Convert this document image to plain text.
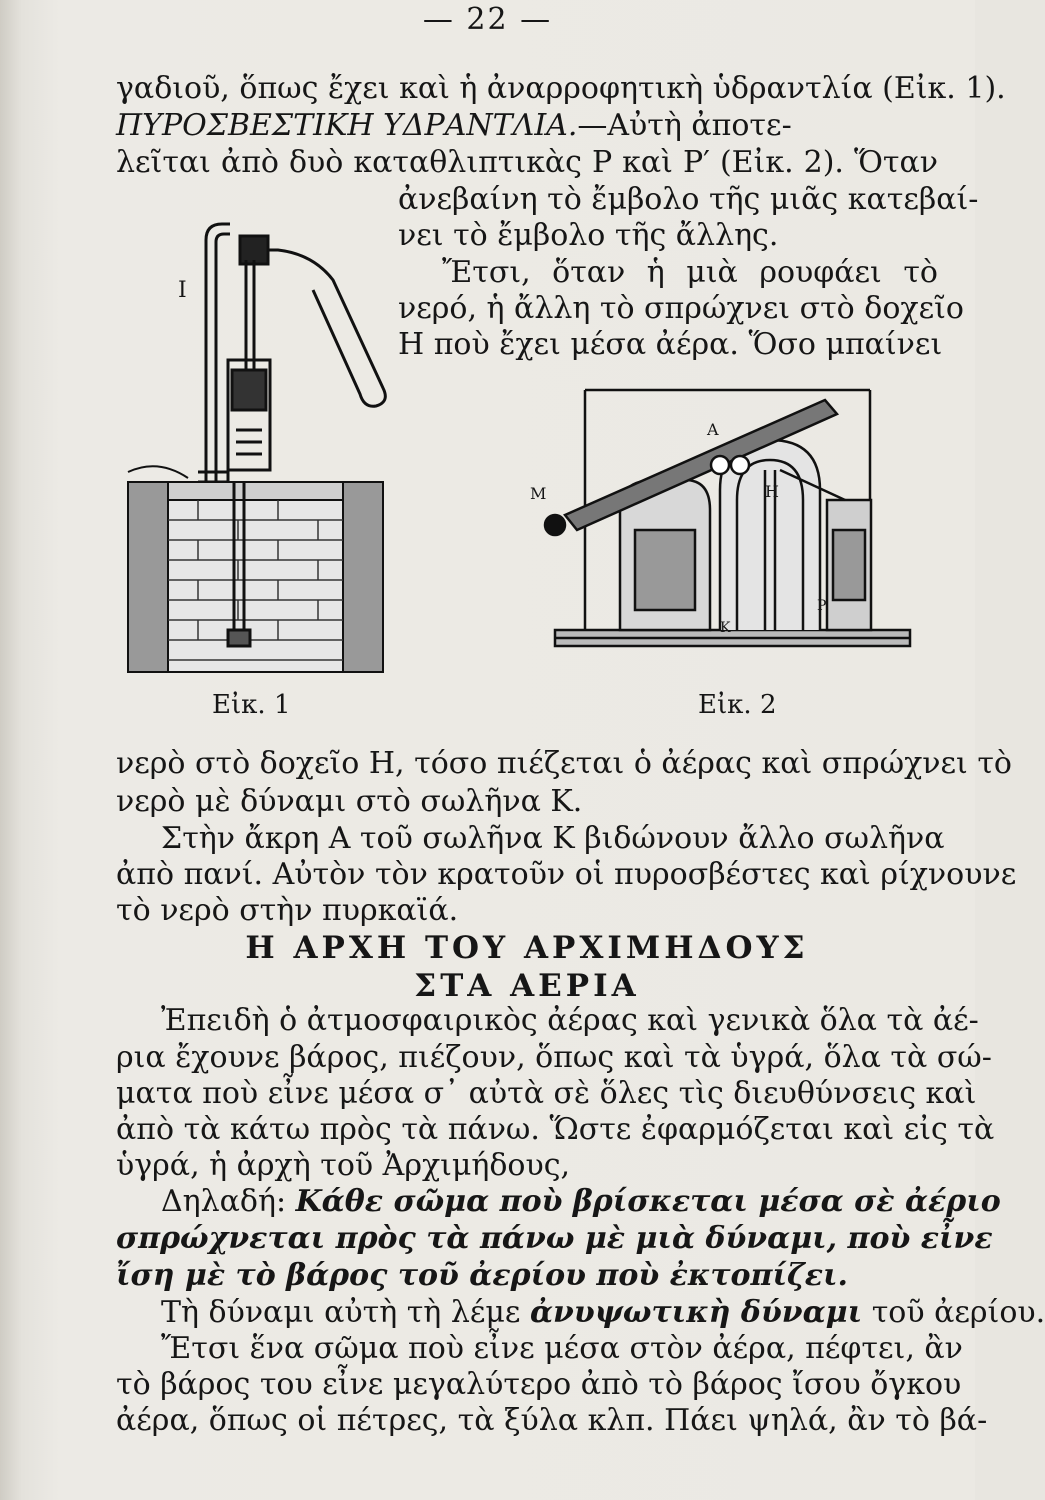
— 22 —
γαδιοῦ, ὅπως ἔχει καὶ ἡ ἀναρροφητικὴ ὑδραντλία (Εἰκ. 1).
ΠΥΡΟΣΒΕΣΤΙΚΗ ΥΔΡΑΝΤΛΙΑ.—Αὐτὴ ἀποτε-
λεῖται ἀπὸ δυὸ καταθλιπτικὰς Ρ καὶ Ρ′ (Εἰκ. 2). Ὅταν
ἀνεβαίνη τὸ ἔμβολο τῆς μιᾶς κατεβαί-
νει τὸ ἔμβολο τῆς ἄλλης.
Ἔτσι, ὅταν ἡ μιὰ ρουφάει τὸ
νερό, ἡ ἄλλη τὸ σπρώχνει στὸ δοχεῖο
Η ποὺ ἔχει μέσα ἀέρα. Ὅσο μπαίνει
Ι
Εἰκ. 1
Α
Μ	Η
Κ
Ρ
Εἰκ. 2
νερὸ στὸ δοχεῖο Η, τόσο πιέζεται ὁ ἀέρας καὶ σπρώχνει τὸ
νερὸ μὲ δύναμι στὸ σωλῆνα Κ.
Στὴν ἄκρη Α τοῦ σωλῆνα Κ βιδώνουν ἄλλο σωλῆνα
ἀπὸ πανί. Αὐτὸν τὸν κρατοῦν οἱ πυροσβέστες καὶ ρίχνουνε
τὸ νερὸ στὴν πυρκαϊά.
Η ΑΡΧΗ ΤΟΥ ΑΡΧΙΜΗΔΟΥΣ
ΣΤΑ ΑΕΡΙΑ
Ἐπειδὴ ὁ ἀτμοσφαιρικὸς ἀέρας καὶ γενικὰ ὅλα τὰ ἀέ-
ρια ἔχουνε βάρος, πιέζουν, ὅπως καὶ τὰ ὑγρά, ὅλα τὰ σώ-
ματα ποὺ εἶνε μέσα σ᾽ αὐτὰ σὲ ὅλες τὶς διευθύνσεις καὶ
ἀπὸ τὰ κάτω πρὸς τὰ πάνω. Ὥστε ἐφαρμόζεται καὶ εἰς τὰ
ὑγρά, ἡ ἀρχὴ τοῦ Ἀρχιμήδους,
Δηλαδή: Κάθε σῶμα ποὺ βρίσκεται μέσα σὲ ἀέριο
σπρώχνεται πρὸς τὰ πάνω μὲ μιὰ δύναμι, ποὺ εἶνε
ἴση μὲ τὸ βάρος τοῦ ἀερίου ποὺ ἐκτοπίζει.
Τὴ δύναμι αὐτὴ τὴ λέμε ἀνυψωτικὴ δύναμι τοῦ ἀερίου.
Ἔτσι ἕνα σῶμα ποὺ εἶνε μέσα στὸν ἀέρα, πέφτει, ἂν
τὸ βάρος του εἶνε μεγαλύτερο ἀπὸ τὸ βάρος ἴσου ὄγκου
ἀέρα, ὅπως οἱ πέτρες, τὰ ξύλα κλπ. Πάει ψηλά, ἂν τὸ βά-
